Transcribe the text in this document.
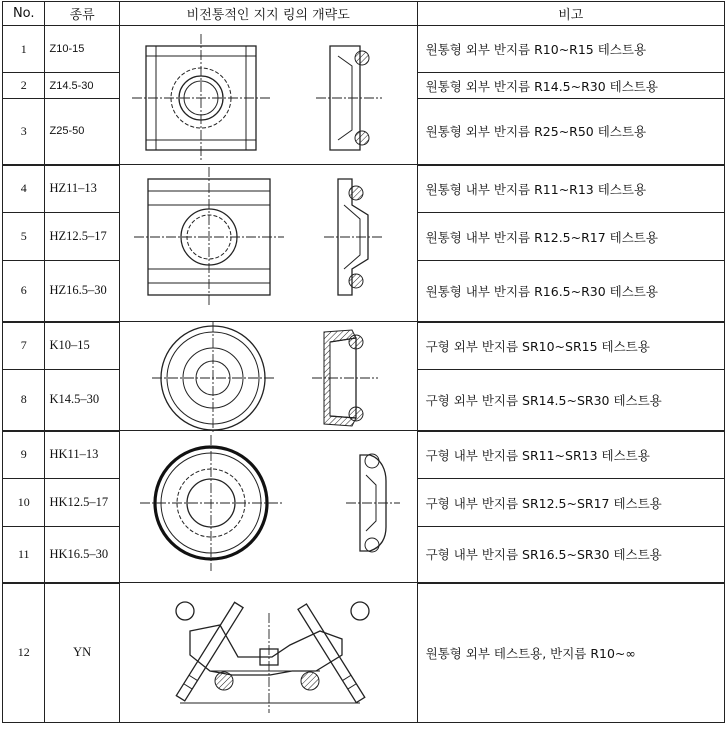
No.	종류	비전통적인 지지 링의 개략도	비고
1	Z10-15		원통형 외부 반지름 R10~R15 테스트용
2	Z14.5-30		원통형 외부 반지름 R14.5~R30 테스트용
3	Z25-50		원통형 외부 반지름 R25~R50 테스트용
4	HZ11–13		원통형 내부 반지름 R11~R13 테스트용
5	HZ12.5–17		원통형 내부 반지름 R12.5~R17 테스트용
6	HZ16.5–30		원통형 내부 반지름 R16.5~R30 테스트용
7	K10–15		구형 외부 반지름 SR10~SR15 테스트용
8	K14.5–30		구형 외부 반지름 SR14.5~SR30 테스트용
9	HK11–13		구형 내부 반지름 SR11~SR13 테스트용
10	HK12.5–17		구형 내부 반지름 SR12.5~SR17 테스트용
11	HK16.5–30		구형 내부 반지름 SR16.5~SR30 테스트용
12	YN		원통형 외부 테스트용, 반지름 R10~∞
